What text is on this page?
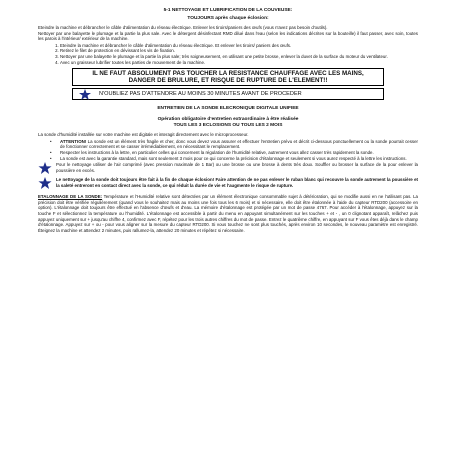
5-1 NETTOYAGE ET LUBRIFICATION DE LA COUVEUSE:

TOUJOURS après chaque éclosion:

Eteindre la machine et débrancher le câble d'alimentation du réseau électrique. Enlever les tiroirs/paniers des œufs (vous n'avez pas besoin d'outils).

Nettoyer par une balayette le plumage et la partie la plus sale. Avec le détergent désinfectant RMD dilué dans l'eau (selon les indications décrites sur la bouteille) il faut passer, avec soin, toutes les parois à l'intérieur/ extérieur de la machine.

1. Eteindre la machine et débrancher le câble d'alimentation du réseau électrique. Et enlever les tiroirs/ paniers des œufs.
2. Retirez le filet de protection en dévissant les vis de fixation.
3. Nettoyer par une balayette le plumage et la partie la plus sale; très soigneusement, en utilisant une petite brosse, enlever la duvet de la surface du moteur du ventilateur.
4. Avec un graisseur lubrifier toutes les parties de mouvement de la machine.

IL NE FAUT ABSOLUMENT PAS TOUCHER LA RESISTANCE CHAUFFAGE AVEC LES MAINS, DANGER DE BRULURE, ET RISQUE DE RUPTURE DE L'ELEMENT!!

N'OUBLIEZ PAS D'ATTENDRE AU MOINS 30 MINUTES AVANT DE PROCEDER

ENTRETIEN DE LA SONDE ELECRONIQUE DIGITALE UNIFIEE

Opération obligatoire d'entretien extraordinaire à être réalisée

TOUS LES 3 ECLOSIONS OU TOUS LES 2 MOIS

La sonde d'humidité installée sur votre machine est digitale et interagit directement avec le microprocesseur.

• ATTENTION! La sonde est un élément très fragile et cher, donc vous devez vous assurer et effectuer l'entretien prévu et décrit ci-dessous ponctuellement ou la sonde pourrait cesser de fonctionner correctement et se casser irrémédiablement, en nécessitant le remplacement.
• Respecter les instructions à la lettre, en particulier celles qui concernent la régulation de l'humidité relative, autrement vous allez casser très rapidement la sonde.
• La sonde est avec la garantie standard, mais sont seulement 3 mois pour ce qui concerne la précision d'étalonnage et seulement si vous aurez respecté à la lettre les instructions.

Pour le nettoyage utiliser de l'air comprimé (avec pression maximale de 1 Bar) ou une brosse ou une brosse à dents très doux. Souffler ou brosser la surface de la pour enlever la poussière en excès.

Le nettoyage de la sonde doit toujours être fait à la fin de chaque éclosion! Faire attention de ne pas enlever le ruban blanc qui recouvre la sonde autrement la poussière et la saleté entreront en contact direct avec la sonde, ce qui réduit la durée de vie et l'augmente le risque de rupture.

ETALONNAGE DE LA SONDE: Température et l'Humidité relative sont détectées par un élément électronique consommable sujet à détérioration, qui se modifie aussi en ne l'utilisant pas. La précision doit être vérifiée régulièrement (quand vous le souhaitez mais au moins une fois tous les 6 mois) et si nécessaire, elle doit être étalonnée à l'aide du capteur RTD200 (accessoire en option). L'étalonnage doit toujours être effectué en l'absence d'œufs et d'eau. La mémoire d'étalonnage est protégée par un mot de passe 4767. Pour accéder à l'étalonnage, appuyez sur la touche F et sélectionnez la température ou l'humidité. L'étalonnage est accessible à partir du menu en appuyant simultanément sur les touches + et - , un 0 clignotant apparaît, relâchez puis appuyez uniquement sur + jusqu'au chiffre 4, confirmez avec F, répétez pour les trois autres chiffres du mot de passe. Entrez le quatrième chiffre, en appuyant sur F vous êtes déjà dans le champ d'étalonnage. Appuyez sur + ou - pour vous aligner sur la mesure du capteur RTD200. Si vous touchez ne sont plus touchés, après environ 10 secondes, le nouveau paramètre est enregistré. Éteignez la machine et attendez 2 minutes, puis rallumez-la, attendez 20 minutes et répétez si nécessaire.
